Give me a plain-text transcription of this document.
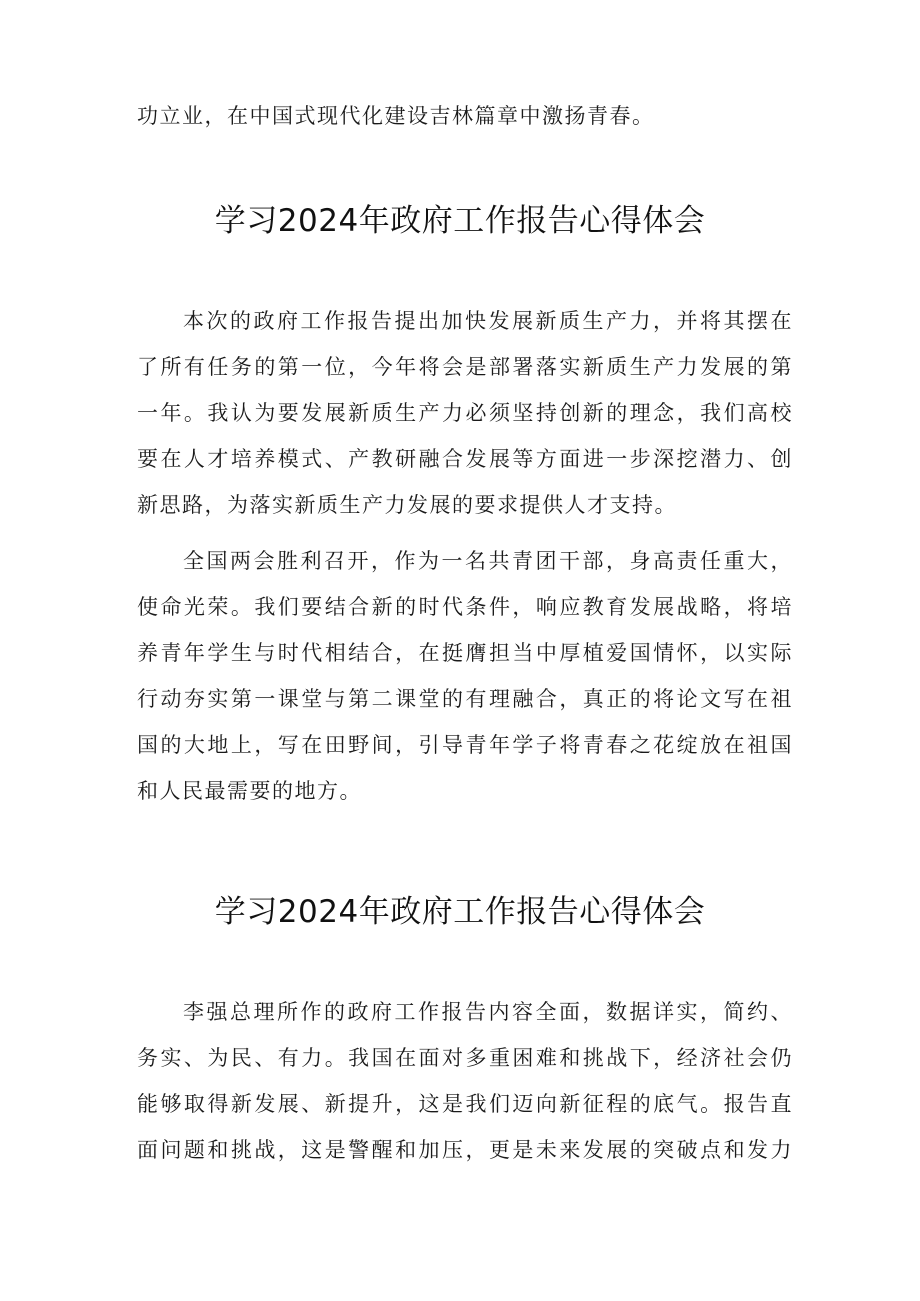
功立业，在中国式现代化建设吉林篇章中激扬青春。
学习2024年政府工作报告心得体会
本次的政府工作报告提出加快发展新质生产力，并将其摆在
了所有任务的第一位，今年将会是部署落实新质生产力发展的第
一年。我认为要发展新质生产力必须坚持创新的理念，我们高校
要在人才培养模式、产教研融合发展等方面进一步深挖潜力、创
新思路，为落实新质生产力发展的要求提供人才支持。
全国两会胜利召开，作为一名共青团干部，身高责任重大，
使命光荣。我们要结合新的时代条件，响应教育发展战略，将培
养青年学生与时代相结合，在挺膺担当中厚植爱国情怀，以实际
行动夯实第一课堂与第二课堂的有理融合，真正的将论文写在祖
国的大地上，写在田野间，引导青年学子将青春之花绽放在祖国
和人民最需要的地方。
学习2024年政府工作报告心得体会
李强总理所作的政府工作报告内容全面，数据详实，简约、
务实、为民、有力。我国在面对多重困难和挑战下，经济社会仍
能够取得新发展、新提升，这是我们迈向新征程的底气。报告直
面问题和挑战，这是警醒和加压，更是未来发展的突破点和发力
